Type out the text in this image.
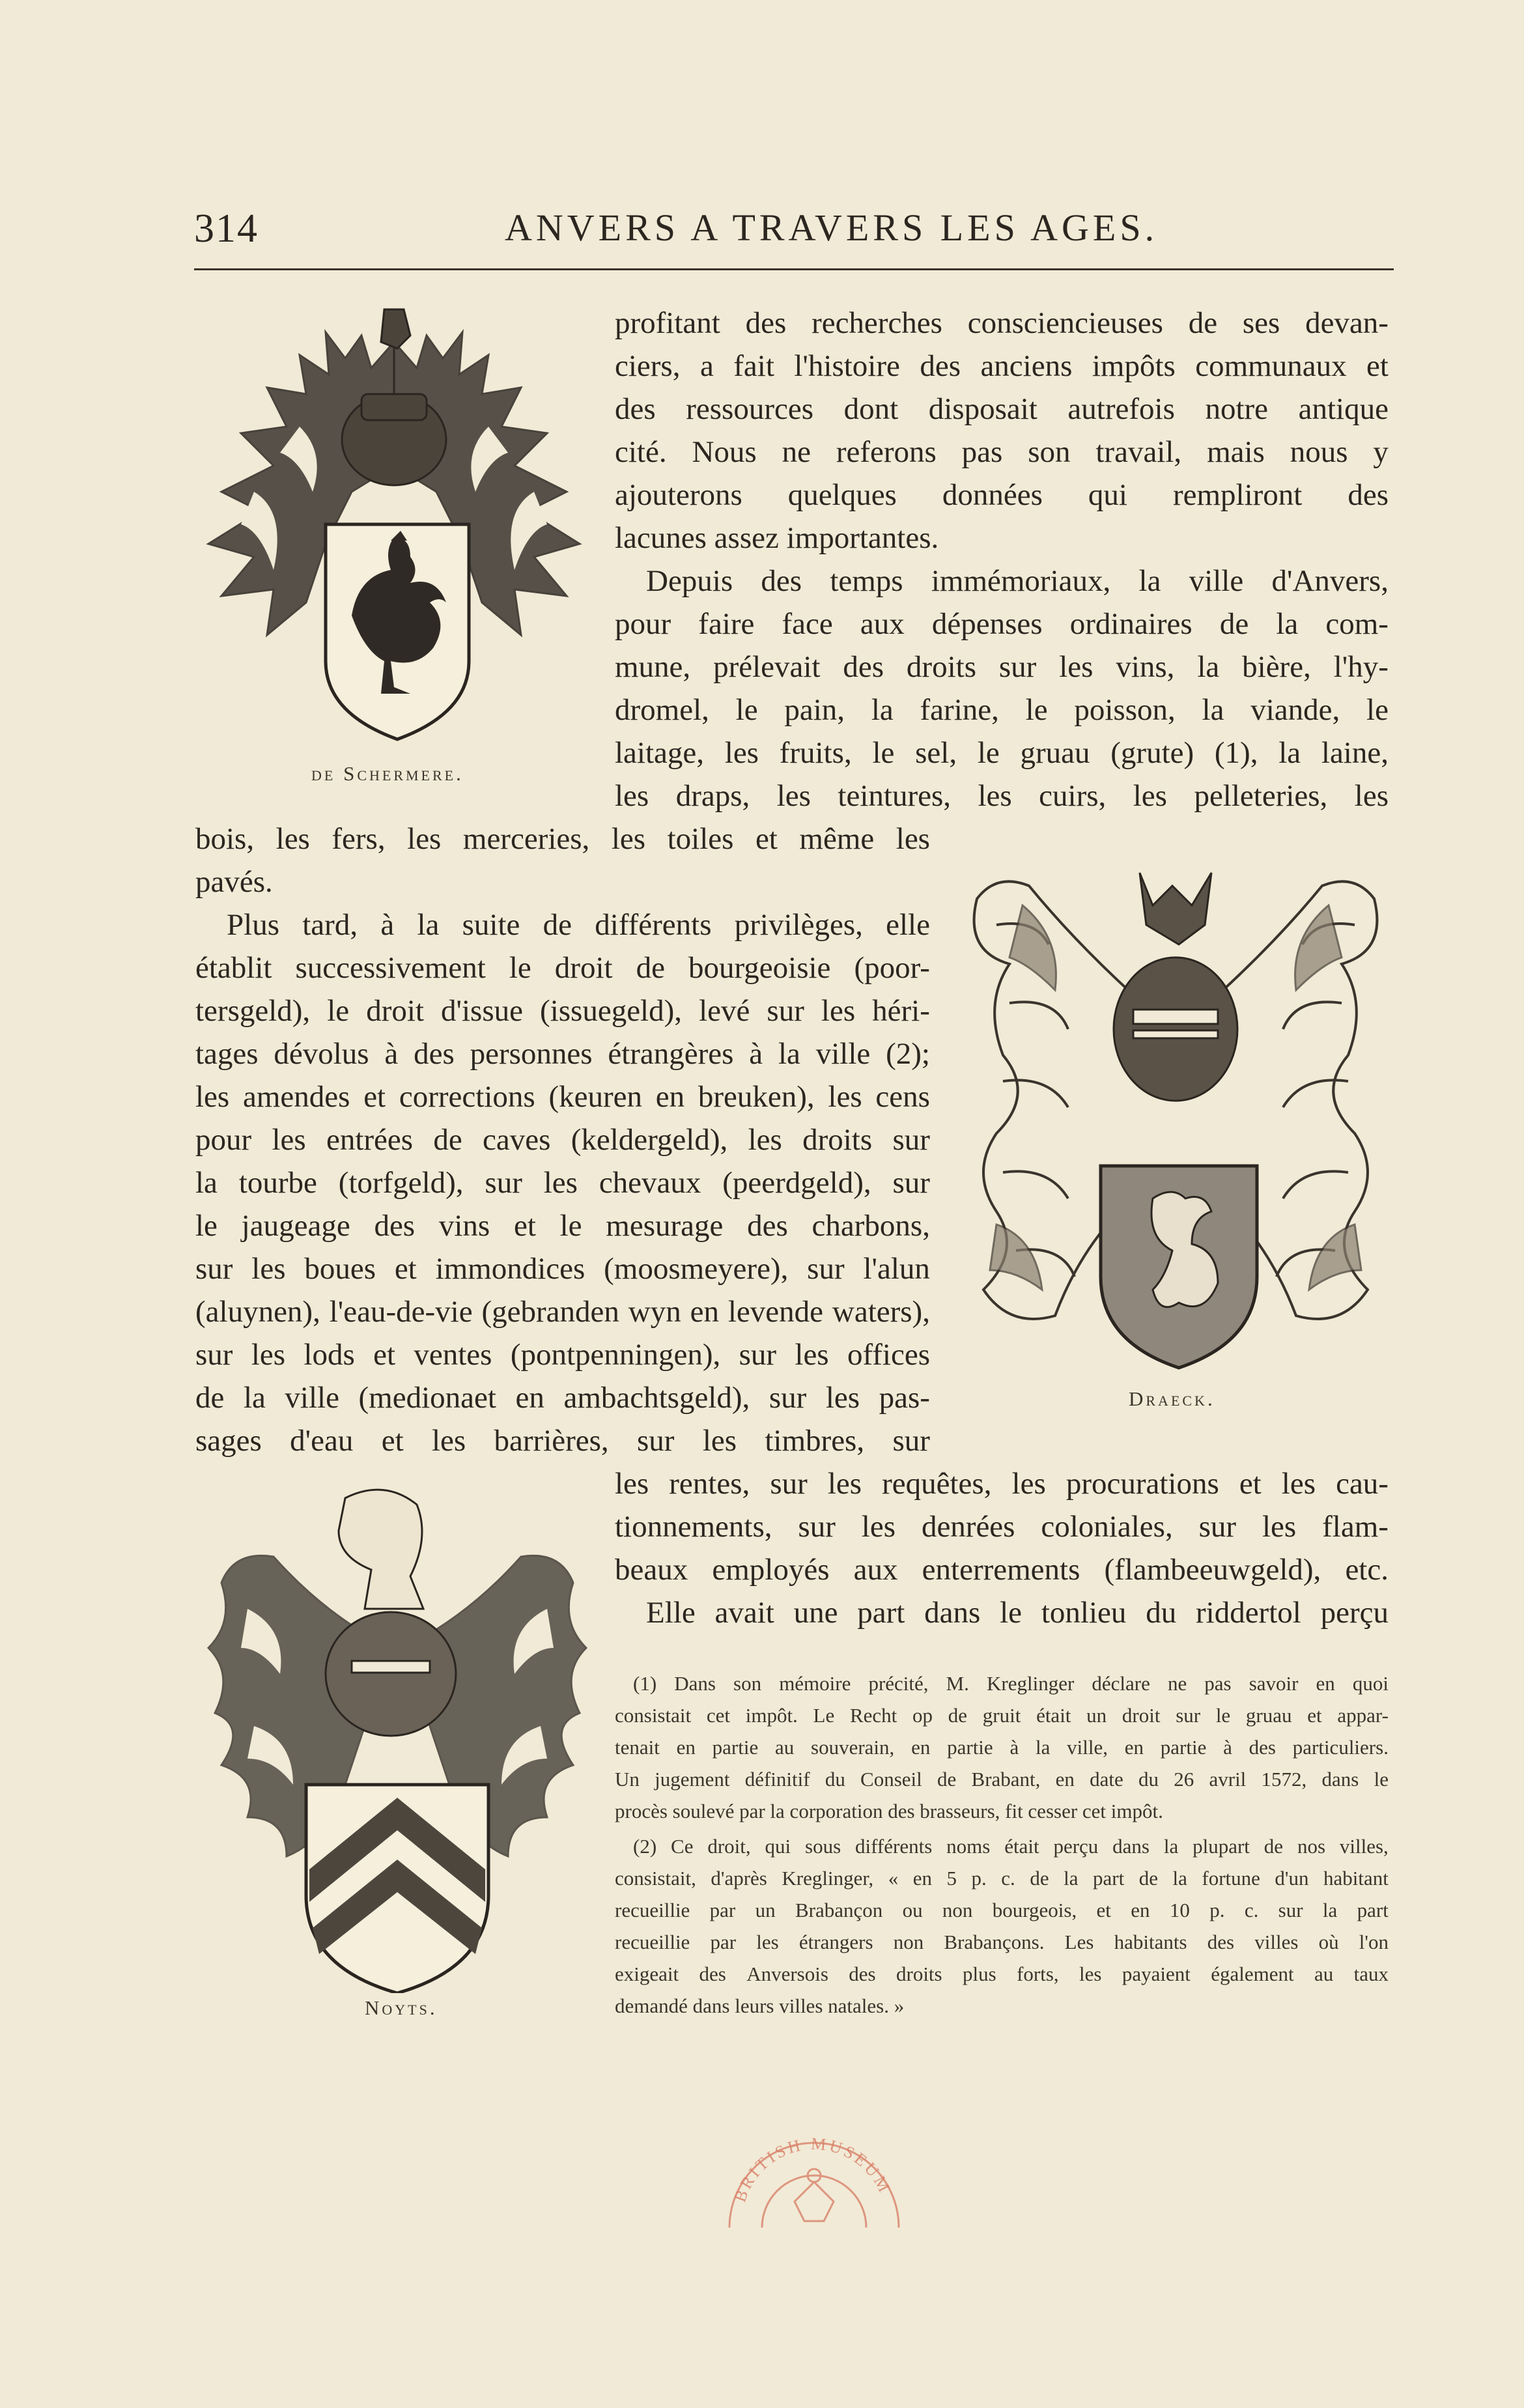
314	ANVERS A TRAVERS LES AGES.
de Schermere.
Draeck.
Noyts.
profitant des recherches consciencieuses de ses devan-
ciers, a fait l'histoire des anciens impôts communaux et
des ressources dont disposait autrefois notre antique
cité. Nous ne referons pas son travail, mais nous y
ajouterons quelques données qui rempliront des
lacunes assez importantes.
Depuis des temps immémoriaux, la ville d'Anvers,
pour faire face aux dépenses ordinaires de la com-
mune, prélevait des droits sur les vins, la bière, l'hy-
dromel, le pain, la farine, le poisson, la viande, le
laitage, les fruits, le sel, le gruau (grute) (1), la laine,
les draps, les teintures, les cuirs, les pelleteries, les
bois, les fers, les merceries, les toiles et même les
pavés.
Plus tard, à la suite de différents privilèges, elle
établit successivement le droit de bourgeoisie (poor-
tersgeld), le droit d'issue (issuegeld), levé sur les héri-
tages dévolus à des personnes étrangères à la ville (2);
les amendes et corrections (keuren en breuken), les cens
pour les entrées de caves (keldergeld), les droits sur
la tourbe (torfgeld), sur les chevaux (peerdgeld), sur
le jaugeage des vins et le mesurage des charbons,
sur les boues et immondices (moosmeyere), sur l'alun
(aluynen), l'eau-de-vie (gebranden wyn en levende waters),
sur les lods et ventes (pontpenningen), sur les offices
de la ville (medionaet en ambachtsgeld), sur les pas-
sages d'eau et les barrières, sur les timbres, sur
les rentes, sur les requêtes, les procurations et les cau-
tionnements, sur les denrées coloniales, sur les flam-
beaux employés aux enterrements (flambeeuwgeld), etc.
Elle avait une part dans le tonlieu du riddertol perçu
(1) Dans son mémoire précité, M. Kreglinger déclare ne pas savoir en quoi
consistait cet impôt. Le Recht op de gruit était un droit sur le gruau et appar-
tenait en partie au souverain, en partie à la ville, en partie à des particuliers.
Un jugement définitif du Conseil de Brabant, en date du 26 avril 1572, dans le
procès soulevé par la corporation des brasseurs, fit cesser cet impôt.
(2) Ce droit, qui sous différents noms était perçu dans la plupart de nos villes,
consistait, d'après Kreglinger, « en 5 p. c. de la part de la fortune d'un habitant
recueillie par un Brabançon ou non bourgeois, et en 10 p. c. sur la part
recueillie par les étrangers non Brabançons. Les habitants des villes où l'on
exigeait des Anversois des droits plus forts, les payaient également au taux
demandé dans leurs villes natales. »
BRITISH MUSEUM
